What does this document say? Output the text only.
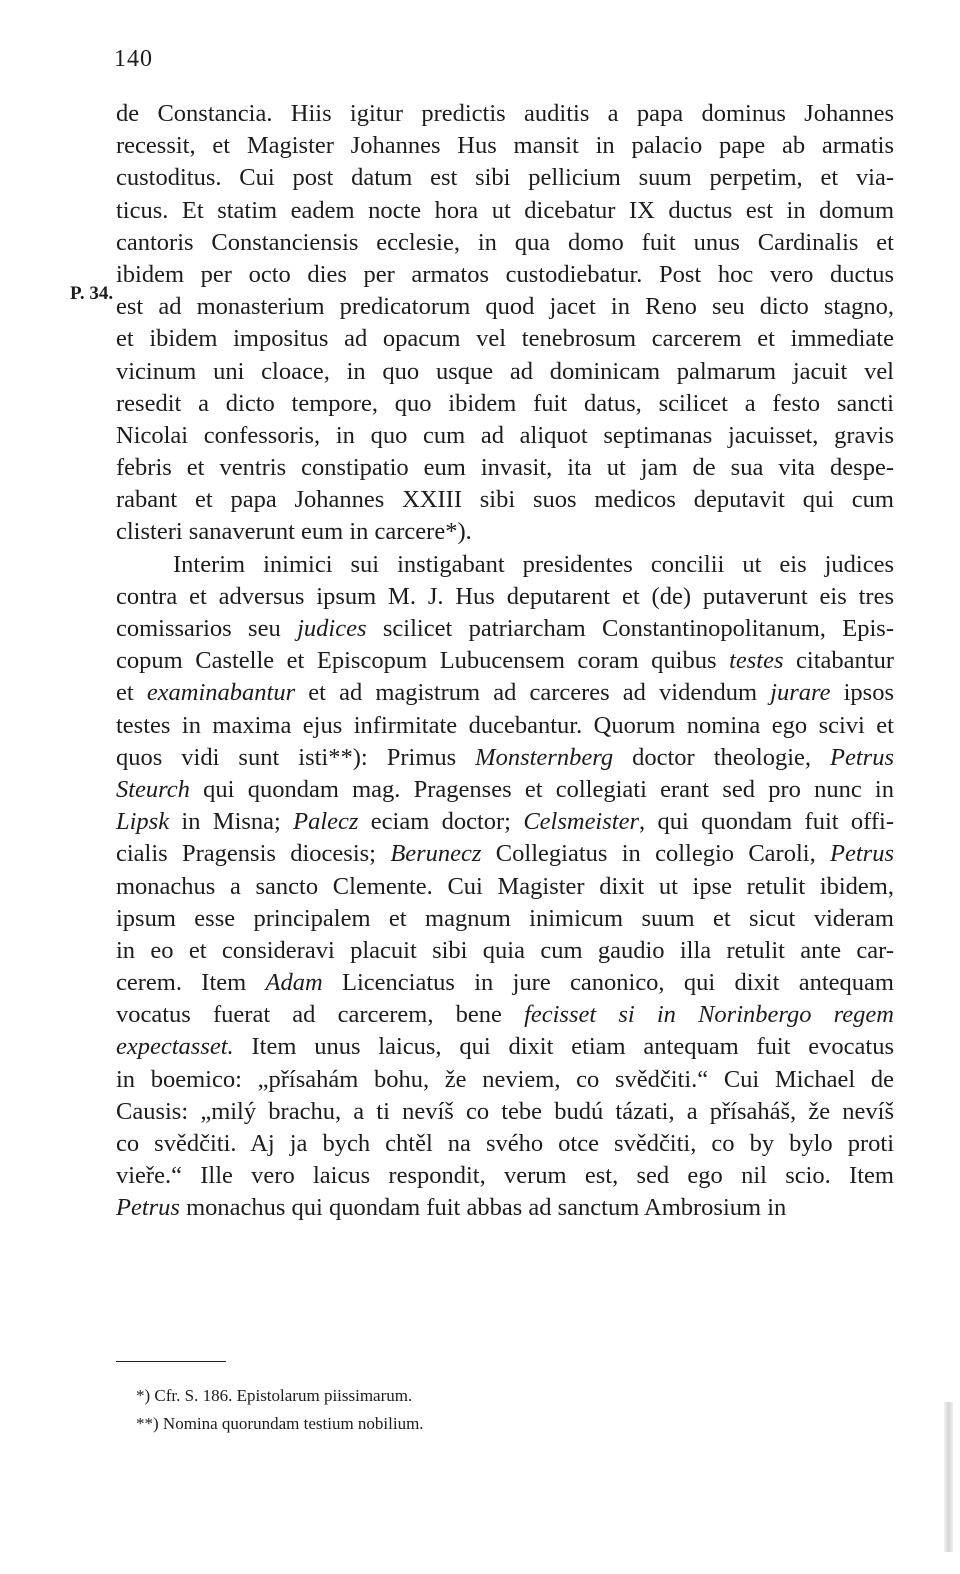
140
P. 34.
de Constancia. Hiis igitur predictis auditis a papa dominus Johannes
recessit, et Magister Johannes Hus mansit in palacio pape ab armatis
custoditus. Cui post datum est sibi pellicium suum perpetim, et via-
ticus. Et statim eadem nocte hora ut dicebatur IX ductus est in domum
cantoris Constanciensis ecclesie, in qua domo fuit unus Cardinalis et
ibidem per octo dies per armatos custodiebatur. Post hoc vero ductus
est ad monasterium predicatorum quod jacet in Reno seu dicto stagno,
et ibidem impositus ad opacum vel tenebrosum carcerem et immediate
vicinum uni cloace, in quo usque ad dominicam palmarum jacuit vel
resedit a dicto tempore, quo ibidem fuit datus, scilicet a festo sancti
Nicolai confessoris, in quo cum ad aliquot septimanas jacuisset, gravis
febris et ventris constipatio eum invasit, ita ut jam de sua vita despe-
rabant et papa Johannes XXIII sibi suos medicos deputavit qui cum
clisteri sanaverunt eum in carcere*).
Interim inimici sui instigabant presidentes concilii ut eis judices
contra et adversus ipsum M. J. Hus deputarent et (de) putaverunt eis tres
comissarios seu judices scilicet patriarcham Constantinopolitanum, Epis-
copum Castelle et Episcopum Lubucensem coram quibus testes citabantur
et examinabantur et ad magistrum ad carceres ad videndum jurare ipsos
testes in maxima ejus infirmitate ducebantur. Quorum nomina ego scivi et
quos vidi sunt isti**): Primus Monsternberg doctor theologie, Petrus
Steurch qui quondam mag. Pragenses et collegiati erant sed pro nunc in
Lipsk in Misna; Palecz eciam doctor; Celsmeister, qui quondam fuit offi-
cialis Pragensis diocesis; Berunecz Collegiatus in collegio Caroli, Petrus
monachus a sancto Clemente. Cui Magister dixit ut ipse retulit ibidem,
ipsum esse principalem et magnum inimicum suum et sicut videram
in eo et consideravi placuit sibi quia cum gaudio illa retulit ante car-
cerem. Item Adam Licenciatus in jure canonico, qui dixit antequam
vocatus fuerat ad carcerem, bene fecisset si in Norinbergo regem
expectasset. Item unus laicus, qui dixit etiam antequam fuit evocatus
in boemico: „přísahám bohu, že neviem, co svědčiti.“ Cui Michael de
Causis: „milý brachu, a ti nevíš co tebe budú tázati, a přísaháš, že nevíš
co svědčiti. Aj ja bych chtěl na svého otce svědčiti, co by bylo proti
vieře.“ Ille vero laicus respondit, verum est, sed ego nil scio. Item
Petrus monachus qui quondam fuit abbas ad sanctum Ambrosium in
*) Cfr. S. 186. Epistolarum piissimarum.
**) Nomina quorundam testium nobilium.
